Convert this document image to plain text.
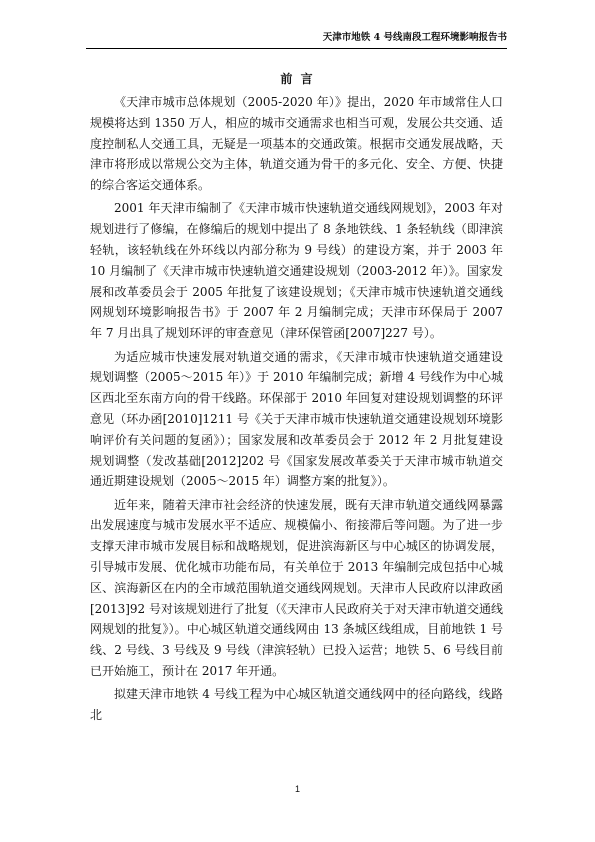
天津市地铁 4 号线南段工程环境影响报告书
前 言

《天津市城市总体规划（2005-2020 年）》提出，2020 年市域常住人口规模将达到 1350 万人，相应的城市交通需求也相当可观，发展公共交通、适度控制私人交通工具，无疑是一项基本的交通政策。根据市交通发展战略，天津市将形成以常规公交为主体，轨道交通为骨干的多元化、安全、方便、快捷的综合客运交通体系。

2001 年天津市编制了《天津市城市快速轨道交通线网规划》，2003 年对规划进行了修编，在修编后的规划中提出了 8 条地铁线、1 条轻轨线（即津滨轻轨，该轻轨线在外环线以内部分称为 9 号线）的建设方案，并于 2003 年 10 月编制了《天津市城市快速轨道交通建设规划（2003-2012 年）》。国家发展和改革委员会于 2005 年批复了该建设规划；《天津市城市快速轨道交通线网规划环境影响报告书》于 2007 年 2 月编制完成；天津市环保局于 2007 年 7 月出具了规划环评的审查意见（津环保管函[2007]227 号）。

为适应城市快速发展对轨道交通的需求，《天津市城市快速轨道交通建设规划调整（2005～2015 年）》于 2010 年编制完成；新增 4 号线作为中心城区西北至东南方向的骨干线路。环保部于 2010 年回复对建设规划调整的环评意见（环办函[2010]1211 号《关于天津市城市快速轨道交通建设规划环境影响评价有关问题的复函》）；国家发展和改革委员会于 2012 年 2 月批复建设规划调整（发改基础[2012]202 号《国家发展改革委关于天津市城市轨道交通近期建设规划（2005～2015 年）调整方案的批复》）。

近年来，随着天津市社会经济的快速发展，既有天津市轨道交通线网暴露出发展速度与城市发展水平不适应、规模偏小、衔接滞后等问题。为了进一步支撑天津市城市发展目标和战略规划，促进滨海新区与中心城区的协调发展，引导城市发展、优化城市功能布局，有关单位于 2013 年编制完成包括中心城区、滨海新区在内的全市域范围轨道交通线网规划。天津市人民政府以津政函[2013]92 号对该规划进行了批复（《天津市人民政府关于对天津市轨道交通线网规划的批复》）。中心城区轨道交通线网由 13 条城区线组成，目前地铁 1 号线、2 号线、3 号线及 9 号线（津滨轻轨）已投入运营；地铁 5、6 号线目前已开始施工，预计在 2017 年开通。

拟建天津市地铁 4 号线工程为中心城区轨道交通线网中的径向路线，线路北

1
